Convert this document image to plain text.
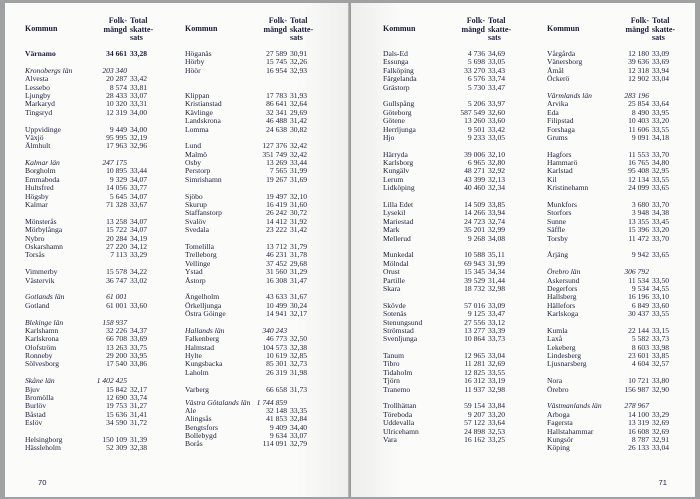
Kommun
Folk-
mängd
Total
skatte-
sats
Värnamo	34 661 33,28
Kronobergs län	203 340
Alvesta	20 287 33,42
Lessebo	8 574 33,81
Ljungby	28 433 33,07
Markaryd	10 320 33,31
Tingsryd	12 319 34,00
Uppvidinge	9 449 34,00
Växjö	95 995 32,19
Älmhult	17 963 32,96
Kalmar län	247 175
Borgholm	10 895 33,44
Emmaboda	9 329 34,07
Hultsfred	14 056 33,77
Högsby	5 645 34,07
Kalmar	71 328 33,67
Mönsterås	13 258 34,07
Mörbylånga	15 722 34,07
Nybro	20 284 34,19
Oskarshamn	27 220 34,12
Torsås	7 113 33,29
Vimmerby	15 578 34,22
Västervik	36 747 33,02
Gotlands län	61 001
Gotland	61 001 33,60
Blekinge län	158 937
Karlshamn	32 226 34,37
Karlskrona	66 708 33,69
Olofström	13 263 33,75
Ronneby	29 200 33,95
Sölvesborg	17 540 33,86
Skåne län	1 402 425
Bjuv	15 842 32,17
Bromölla	12 690 33,74
Burlöv	19 753 31,27
Båstad	15 636 31,41
Eslöv	34 590 31,72
Helsingborg	150 109 31,39
Hässleholm	52 309 32,38
Kommun
Folk-
mängd
Total
skatte-
sats
Höganäs	27 589 30,91
Hörby	15 745 32,26
Höör	16 954 32,93
Klippan	17 783 31,93
Kristianstad	86 641 32,64
Kävlinge	32 341 29,69
Landskrona	46 488 31,42
Lomma	24 638 30,82
Lund	127 376 32,42
Malmö	351 749 32,42
Osby	13 269 33,44
Perstorp	7 565 31,99
Simrishamn	19 267 31,69
Sjöbo	19 497 32,10
Skurup	16 419 31,60
Staffanstorp	26 242 30,72
Svalöv	14 412 31,92
Svedala	23 222 31,42
Tomelilla	13 712 31,79
Trelleborg	46 231 31,78
Vellinge	37 452 29,68
Ystad	31 560 31,29
Åstorp	16 308 31,47
Ängelholm	43 633 31,67
Örkelljunga	10 499 30,24
Östra Göinge	14 941 32,17
Hallands län	340 243
Falkenberg	46 773 32,50
Halmstad	104 573 32,38
Hylte	10 619 32,85
Kungsbacka	85 301 32,73
Laholm	26 319 31,98
Varberg	66 658 31,73
Västra Götalands län 1 744 859
Ale	32 148 33,35
Alingsås	41 853 32,84
Bengtsfors	9 409 34,40
Bollebygd	9 634 33,07
Borås	114 091 32,79
70
Kommun
Folk-
mängd
Total
skatte-
sats
Dals-Ed	4 736 34,69
Essunga	5 698 33,05
Falköping	33 270 33,43
Färgelanda	6 576 33,74
Grästorp	5 730 33,47
Gullspång	5 206 33,97
Göteborg	587 549 32,60
Götene	13 260 33,60
Herrljunga	9 501 33,42
Hjo	9 233 33,05
Härryda	39 006 32,10
Karlsborg	6 965 32,80
Kungälv	48 271 32,92
Lerum	43 399 32,13
Lidköping	40 460 32,34
Lilla Edet	14 509 33,85
Lysekil	14 266 33,94
Mariestad	24 723 32,74
Mark	35 201 32,99
Mellerud	9 268 34,08
Munkedal	10 588 35,11
Mölndal	69 943 31,99
Orust	15 345 34,34
Partille	39 529 31,44
Skara	18 732 32,98
Skövde	57 016 33,09
Sotenäs	9 125 33,47
Stenungsund	27 556 33,12
Strömstad	13 277 33,39
Svenljunga	10 864 33,73
Tanum	12 965 33,04
Tibro	11 281 32,69
Tidaholm	12 825 33,55
Tjörn	16 312 33,19
Tranemo	11 937 32,98
Trollhättan	59 154 33,84
Töreboda	9 207 33,20
Uddevalla	57 122 33,64
Ulricehamn	24 898 32,53
Vara	16 162 33,25
Kommun
Folk-
mängd
Total
skatte-
sats
Vårgårda	12 180 33,09
Vänersborg	39 636 33,69
Åmål	12 318 33,94
Öckerö	12 902 33,04
Värmlands län	283 196
Arvika	25 854 33,64
Eda	8 490 33,95
Filipstad	10 403 33,20
Forshaga	11 606 33,55
Grums	9 091 34,18
Hagfors	11 553 33,70
Hammarö	16 765 34,80
Karlstad	95 408 32,95
Kil	12 134 33,55
Kristinehamn	24 099 33,65
Munkfors	3 680 33,70
Storfors	3 948 34,38
Sunne	13 355 33,45
Säffle	15 396 33,20
Torsby	11 472 33,70
Årjäng	9 942 33,65
Örebro län	306 792
Askersund	11 534 33,50
Degerfors	9 534 34,55
Hallsberg	16 196 33,10
Hällefors	6 849 33,60
Karlskoga	30 437 33,55
Kumla	22 144 33,15
Laxå	5 582 33,73
Lekeberg	8 603 33,98
Lindesberg	23 601 33,85
Ljusnarsberg	4 604 32,57
Nora	10 721 33,80
Örebro	156 987 32,90
Västmanlands län	278 967
Arboga	14 100 33,29
Fagersta	13 319 32,69
Hallstahammar	16 608 32,69
Kungsör	8 787 32,91
Köping	26 133 33,04
71
